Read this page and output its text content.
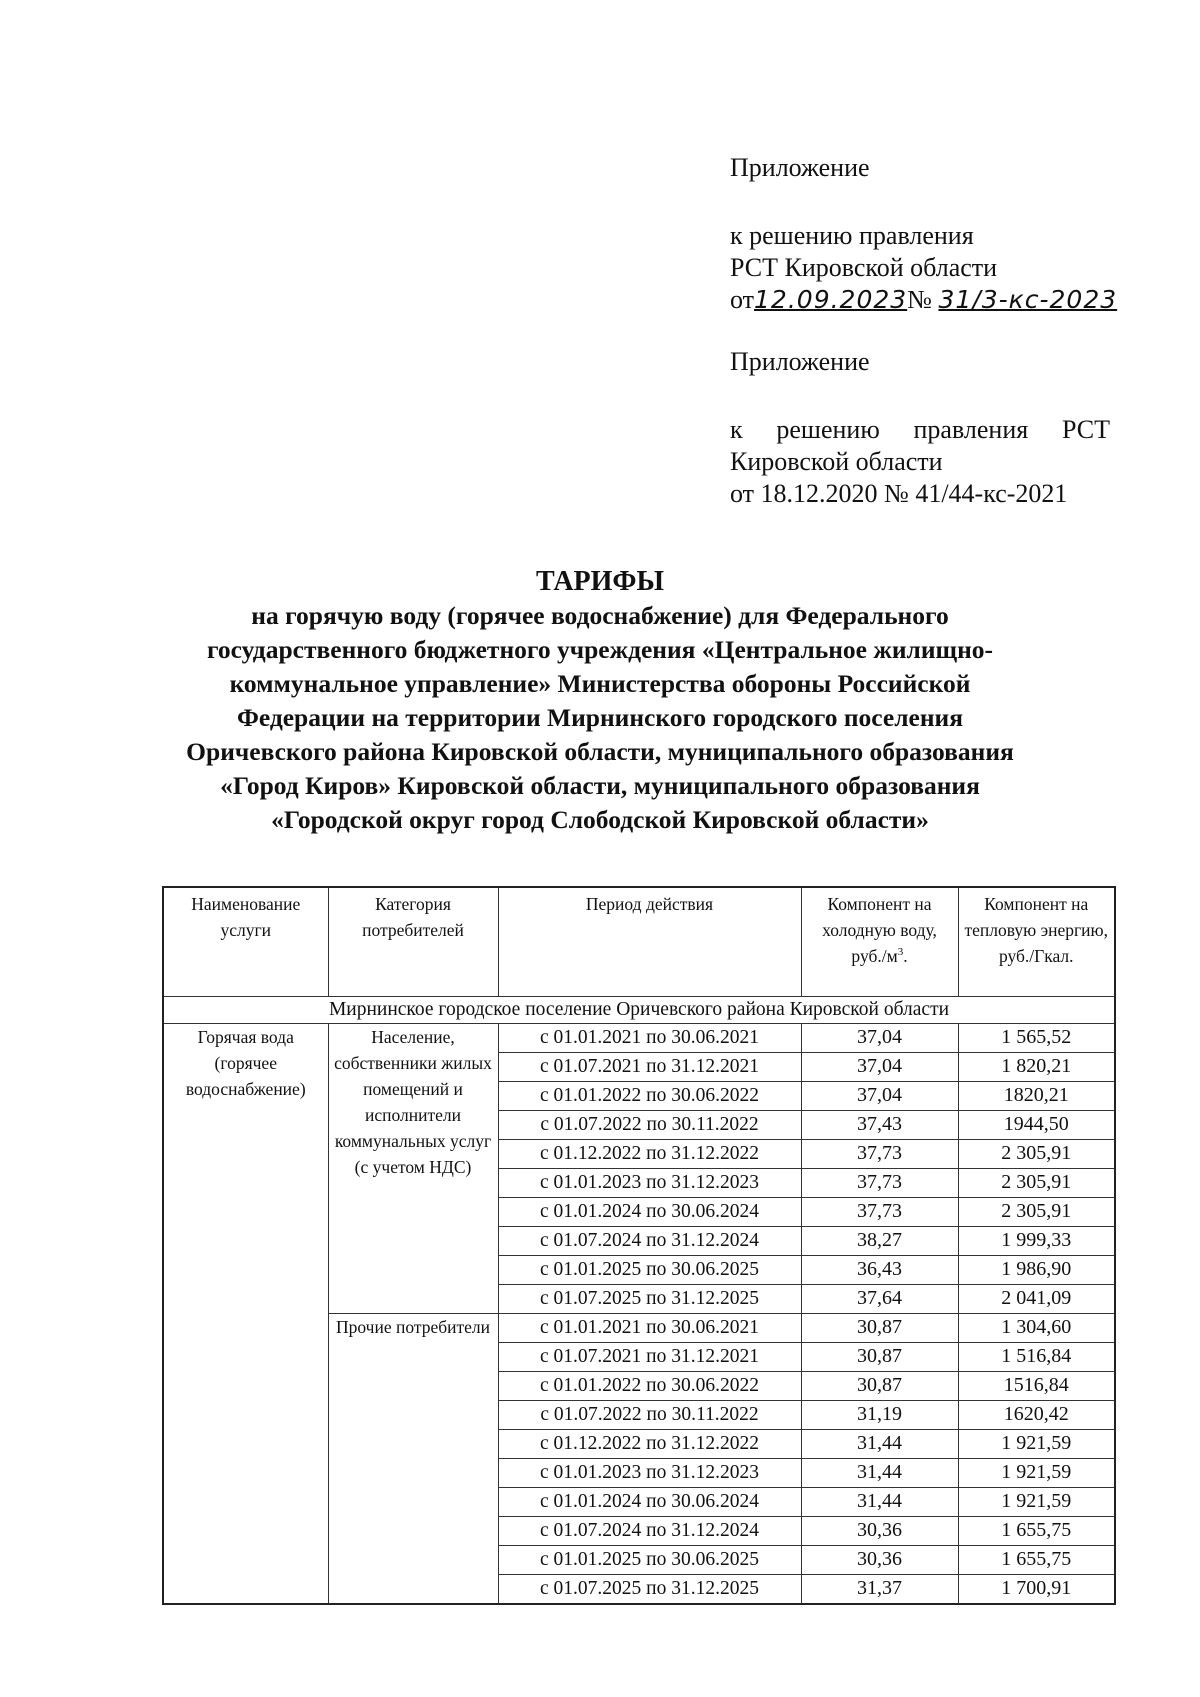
Приложение
к решению правления
РСТ Кировской области
от12.09.2023№ 31/3-кс-2023
Приложение
к решению правления РСТ
Кировской области
от 18.12.2020 № 41/44-кс-2021
ТАРИФЫ
на горячую воду (горячее водоснабжение) для Федерального
государственного бюджетного учреждения «Центральное жилищно-
коммунальное управление» Министерства обороны Российской
Федерации на территории Мирнинского городского поселения
Оричевского района Кировской области, муниципального образования
«Город Киров» Кировской области, муниципального образования
«Городской округ город Слободской Кировской области»
Наименование услуги	Категория потребителей	Период действия	Компонент на холодную воду, $руб./м^3$.	Компонент на тепловую энергию, руб./Гкал.
Мирнинское городское поселение Оричевского района Кировской области				
Горячая вода (горячее водоснабжение)	Население, собственники жилых помещений и исполнители коммунальных услуг (с учетом НДС)	с 01.01.2021 по 30.06.2021	37,04	1 565,52
		с 01.07.2021 по 31.12.2021	37,04	1 820,21
		с 01.01.2022 по 30.06.2022	37,04	1820,21
		с 01.07.2022 по 30.11.2022	37,43	1944,50
		с 01.12.2022 по 31.12.2022	37,73	2 305,91
		с 01.01.2023 по 31.12.2023	37,73	2 305,91
		с 01.01.2024 по 30.06.2024	37,73	2 305,91
		с 01.07.2024 по 31.12.2024	38,27	1 999,33
		с 01.01.2025 по 30.06.2025	36,43	1 986,90
		с 01.07.2025 по 31.12.2025	37,64	2 041,09
	Прочие потребители	с 01.01.2021 по 30.06.2021	30,87	1 304,60
		с 01.07.2021 по 31.12.2021	30,87	1 516,84
		с 01.01.2022 по 30.06.2022	30,87	1516,84
		с 01.07.2022 по 30.11.2022	31,19	1620,42
		с 01.12.2022 по 31.12.2022	31,44	1 921,59
		с 01.01.2023 по 31.12.2023	31,44	1 921,59
		с 01.01.2024 по 30.06.2024	31,44	1 921,59
		с 01.07.2024 по 31.12.2024	30,36	1 655,75
		с 01.01.2025 по 30.06.2025	30,36	1 655,75
		с 01.07.2025 по 31.12.2025	31,37	1 700,91
